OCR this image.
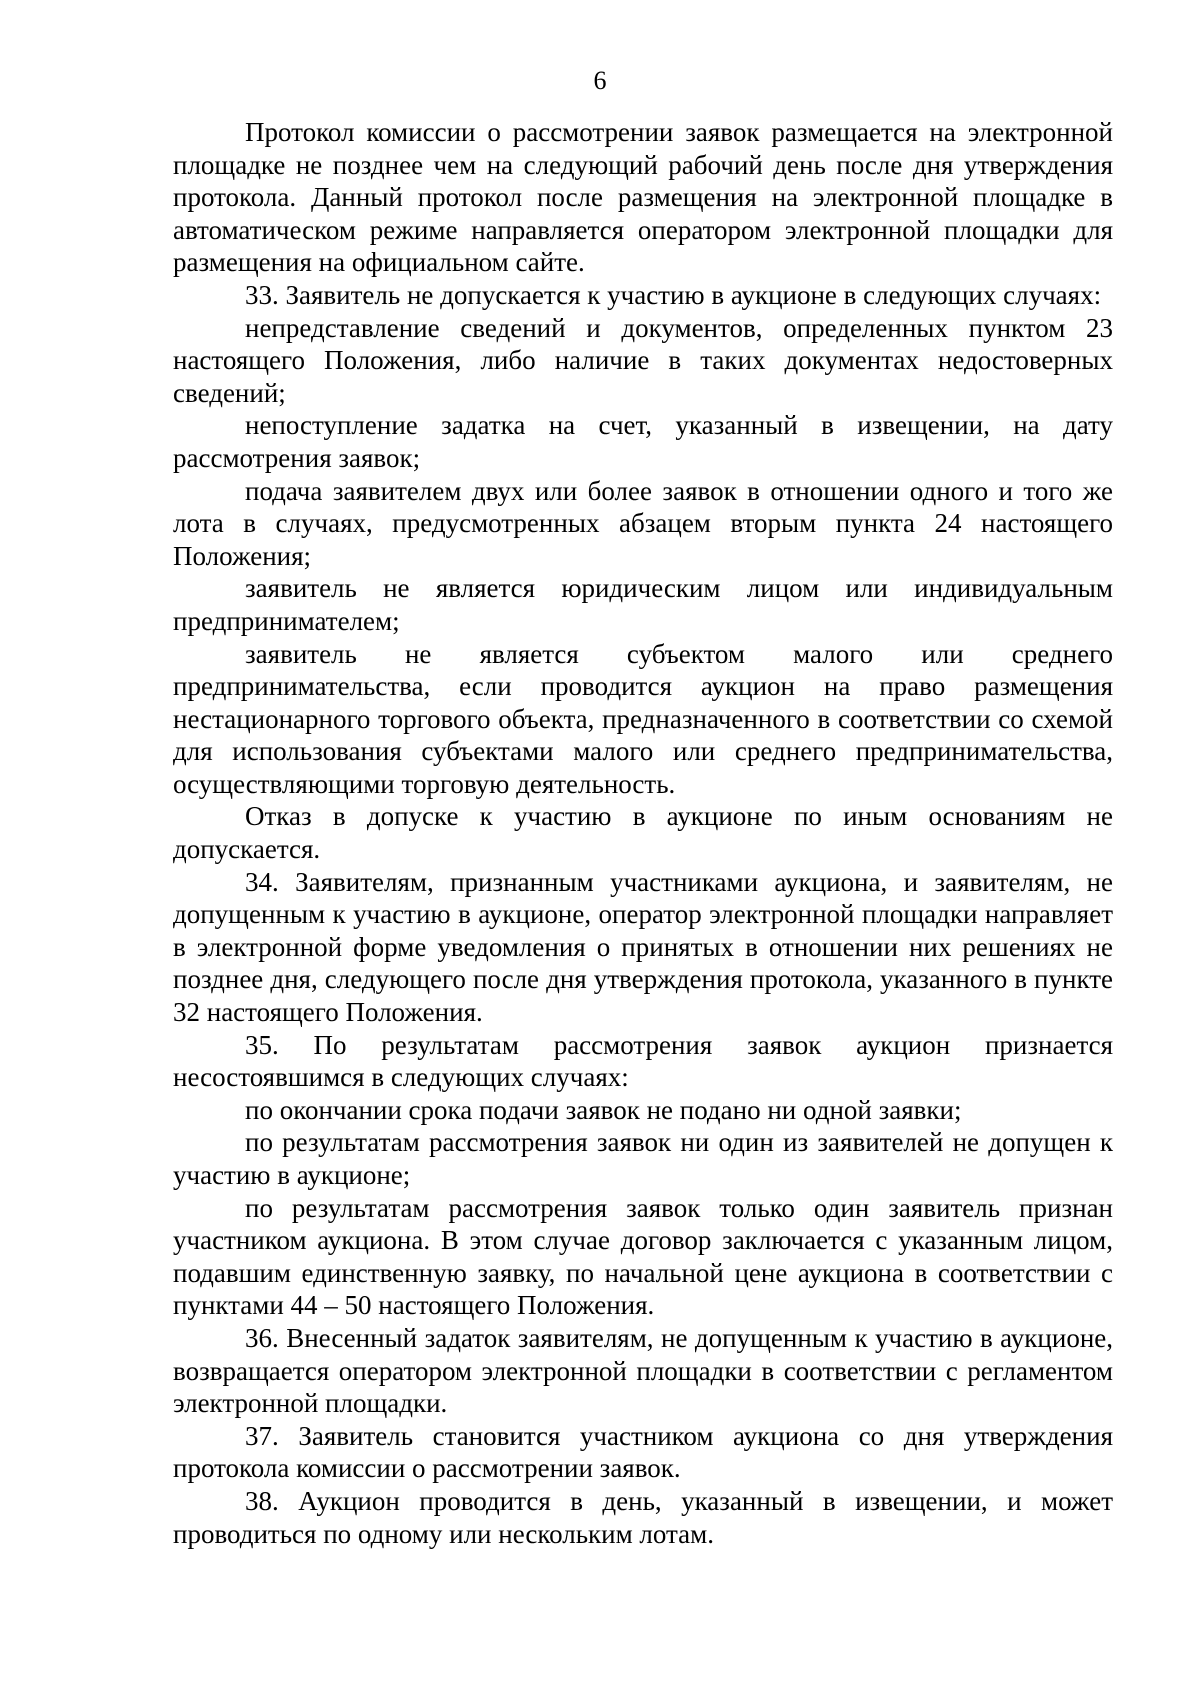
6

Протокол комиссии о рассмотрении заявок размещается на электронной площадке не позднее чем на следующий рабочий день после дня утверждения протокола. Данный протокол после размещения на электронной площадке в автоматическом режиме направляется оператором электронной площадки для размещения на официальном сайте.

33. Заявитель не допускается к участию в аукционе в следующих случаях:

непредставление сведений и документов, определенных пунктом 23 настоящего Положения, либо наличие в таких документах недостоверных сведений;

непоступление задатка на счет, указанный в извещении, на дату рассмотрения заявок;

подача заявителем двух или более заявок в отношении одного и того же лота в случаях, предусмотренных абзацем вторым пункта 24 настоящего Положения;

заявитель не является юридическим лицом или индивидуальным предпринимателем;

заявитель не является субъектом малого или среднего предпринимательства, если проводится аукцион на право размещения нестационарного торгового объекта, предназначенного в соответствии со схемой для использования субъектами малого или среднего предпринимательства, осуществляющими торговую деятельность.

Отказ в допуске к участию в аукционе по иным основаниям не допускается.

34. Заявителям, признанным участниками аукциона, и заявителям, не допущенным к участию в аукционе, оператор электронной площадки направляет в электронной форме уведомления о принятых в отношении них решениях не позднее дня, следующего после дня утверждения протокола, указанного в пункте 32 настоящего Положения.

35. По результатам рассмотрения заявок аукцион признается несостоявшимся в следующих случаях:

по окончании срока подачи заявок не подано ни одной заявки;

по результатам рассмотрения заявок ни один из заявителей не допущен к участию в аукционе;

по результатам рассмотрения заявок только один заявитель признан участником аукциона. В этом случае договор заключается с указанным лицом, подавшим единственную заявку, по начальной цене аукциона в соответствии с пунктами 44 – 50 настоящего Положения.

36. Внесенный задаток заявителям, не допущенным к участию в аукционе, возвращается оператором электронной площадки в соответствии с регламентом электронной площадки.

37. Заявитель становится участником аукциона со дня утверждения протокола комиссии о рассмотрении заявок.

38. Аукцион проводится в день, указанный в извещении, и может проводиться по одному или нескольким лотам.
